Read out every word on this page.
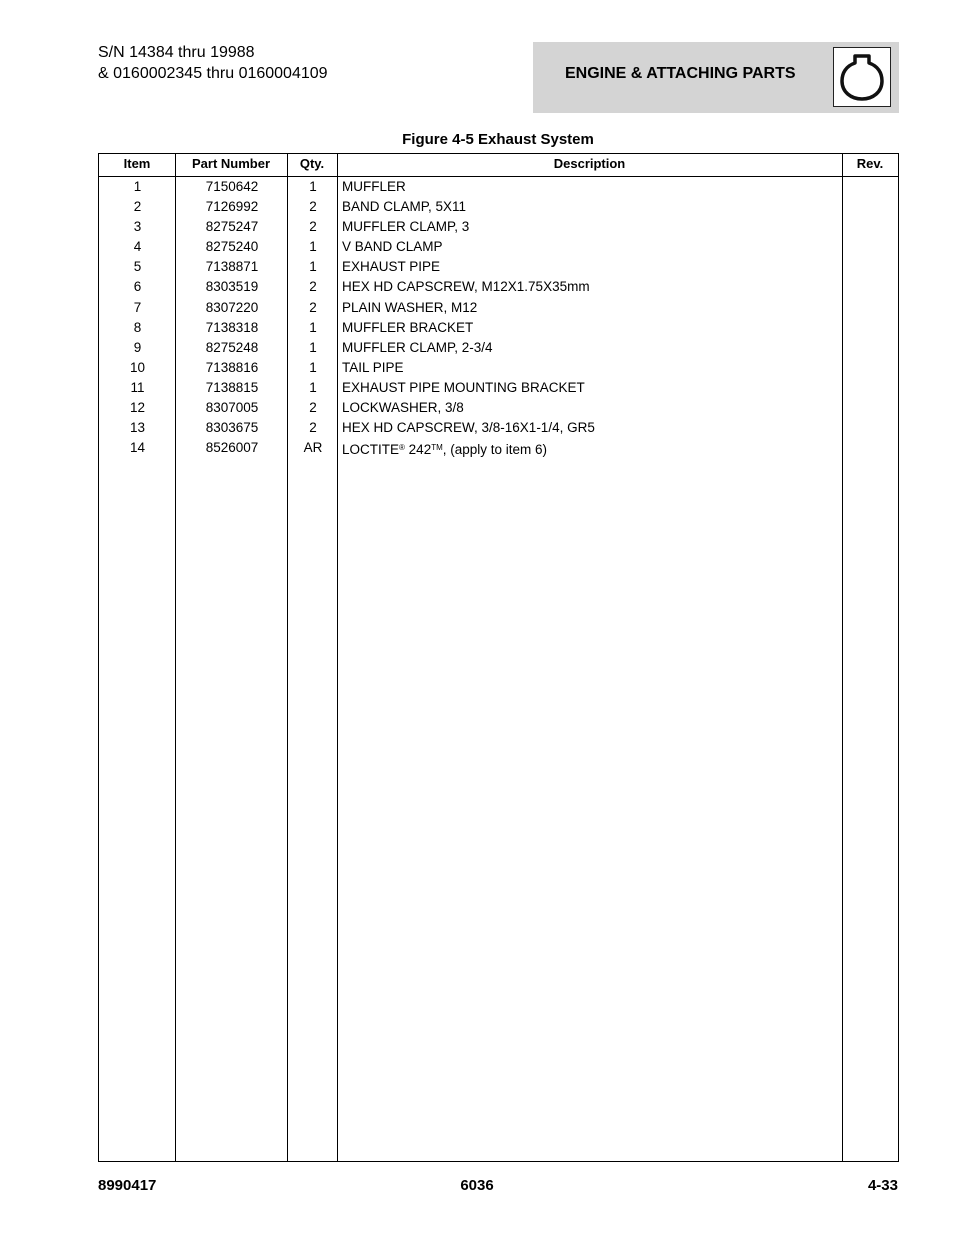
S/N 14384 thru 19988
& 0160002345 thru 0160004109	ENGINE & ATTACHING PARTS
Figure 4-5 Exhaust System
Item	Part Number	Qty.	Description	Rev.
1	7150642	1	MUFFLER
2	7126992	2	BAND CLAMP, 5X11
3	8275247	2	MUFFLER CLAMP, 3
4	8275240	1	V BAND CLAMP
5	7138871	1	EXHAUST PIPE
6	8303519	2	HEX HD CAPSCREW, M12X1.75X35mm
7	8307220	2	PLAIN WASHER, M12
8	7138318	1	MUFFLER BRACKET
9	8275248	1	MUFFLER CLAMP, 2-3/4
10	7138816	1	TAIL PIPE
11	7138815	1	EXHAUST PIPE MOUNTING BRACKET
12	8307005	2	LOCKWASHER, 3/8
13	8303675	2	HEX HD CAPSCREW, 3/8-16X1-1/4, GR5
14	8526007	AR	LOCTITE® 242™, (apply to item 6)
8990417	6036	4-33
